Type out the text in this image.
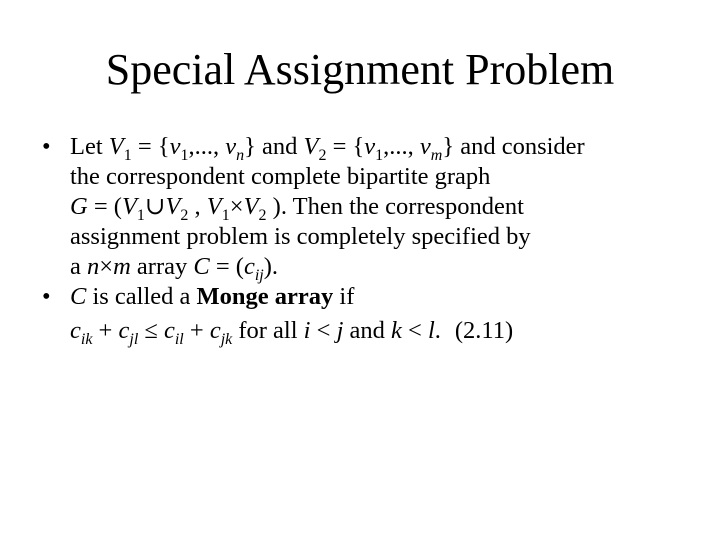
Special Assignment Problem
• Let $V_1 = \{v_1$,..., $v_n$} and $V_2 = \{v_1$,..., $v_m$} and consider
the correspondent complete bipartite graph
$G = (V_1\cup V_2$ , $V_1\times V_2$ ). Then the correspondent
assignment problem is completely specified by
a n×m array $C = (c_{ij})$.
• C is called a Monge array if
$c_{ik} + c_{jl} \le c_{il} + c_{jk}$ for all i < j and k < l. (2.11)
